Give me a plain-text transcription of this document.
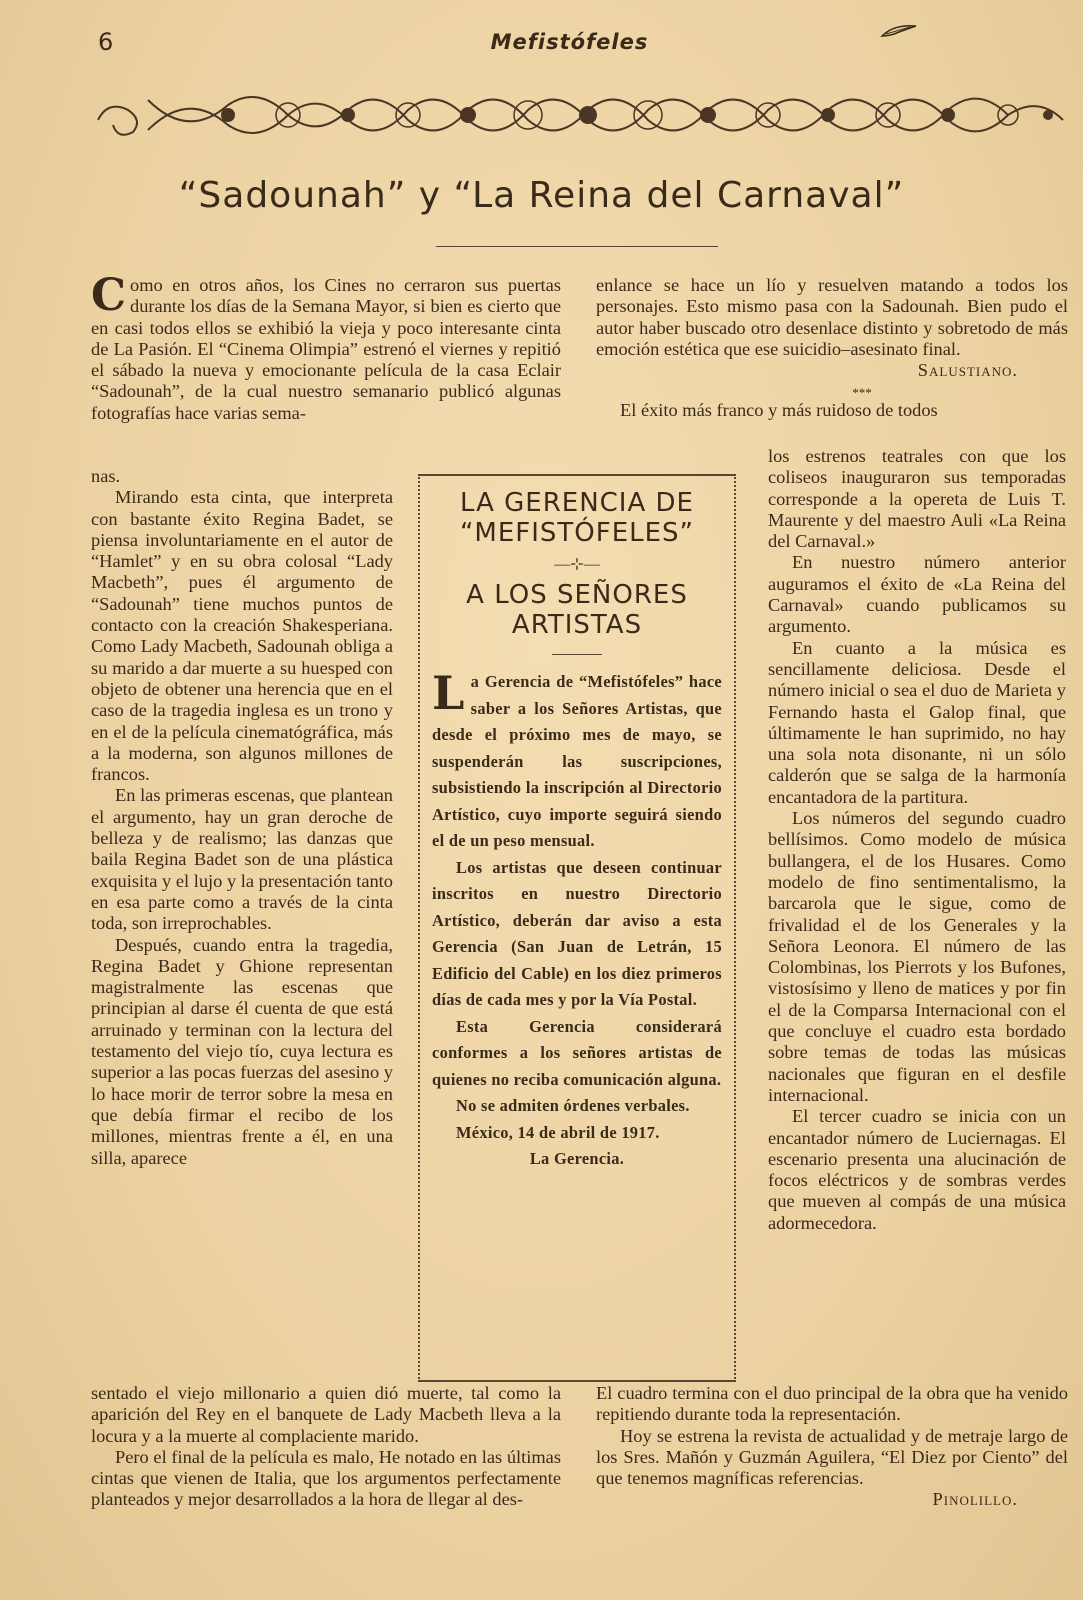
6	Mefistófeles
“Sadounah” y “La Reina del Carnaval”

Como en otros años, los Cines no cerraron sus puertas durante los días de la Semana Mayor, si bien es cierto que en casi todos ellos se exhibió la vieja y poco interesante cinta de La Pasión. El “Cinema Olimpia” estrenó el viernes y repitió el sábado la nueva y emocionante película de la casa Eclair “Sadounah”, de la cual nuestro semanario publicó algunas fotografías hace varias sema-

nas.

Mirando esta cinta, que interpreta con bastante éxito Regina Badet, se piensa involuntariamente en el autor de “Hamlet” y en su obra colosal “Lady Macbeth”, pues él argumento de “Sadounah” tiene muchos puntos de contacto con la creación Shakesperiana. Como Lady Macbeth, Sadounah obliga a su marido a dar muerte a su huesped con objeto de obtener una herencia que en el caso de la tragedia inglesa es un trono y en el de la película cinematógráfica, más a la moderna, son algunos millones de francos.

En las primeras escenas, que plantean el argumento, hay un gran deroche de belleza y de realismo; las danzas que baila Regina Badet son de una plástica exquisita y el lujo y la presentación tanto en esa parte como a través de la cinta toda, son irreprochables.

Después, cuando entra la tragedia, Regina Badet y Ghione representan magistralmente las escenas que principian al darse él cuenta de que está arruinado y terminan con la lectura del testamento del viejo tío, cuya lectura es superior a las pocas fuerzas del asesino y lo hace morir de terror sobre la mesa en que debía firmar el recibo de los millones, mientras frente a él, en una silla, aparece

LA GERENCIA DE
“MEFISTÓFELES”
—⊹—
A LOS SEÑORES
ARTISTAS

La Gerencia de “Mefistófeles” hace saber a los Señores Artistas, que desde el próximo mes de mayo, se suspenderán las suscripciones, subsistiendo la inscripción al Directorio Artístico, cuyo importe seguirá siendo el de un peso mensual.

Los artistas que deseen continuar inscritos en nuestro Directorio Artístico, deberán dar aviso a esta Gerencia (San Juan de Letrán, 15 Edificio del Cable) en los diez primeros días de cada mes y por la Vía Postal.

Esta Gerencia considerará conformes a los señores artistas de quienes no reciba comunicación alguna.

No se admiten órdenes verbales.

México, 14 de abril de 1917.

La Gerencia.

enlance se hace un lío y resuelven matando a todos los personajes. Esto mismo pasa con la Sadounah. Bien pudo el autor haber buscado otro desenlace distinto y sobretodo de más emoción estética que ese suicidio–asesinato final.

Salustiano.

***

El éxito más franco y más ruidoso de todos

los estrenos teatrales con que los coliseos inauguraron sus temporadas corresponde a la opereta de Luis T. Maurente y del maestro Auli «La Reina del Carnaval.»

En nuestro número anterior auguramos el éxito de «La Reina del Carnaval» cuando publicamos su argumento.

En cuanto a la música es sencillamente deliciosa. Desde el número inicial o sea el duo de Marieta y Fernando hasta el Galop final, que últimamente le han suprimido, no hay una sola nota disonante, ni un sólo calderón que se salga de la harmonía encantadora de la partitura.

Los números del segundo cuadro bellísimos. Como modelo de música bullangera, el de los Husares. Como modelo de fino sentimentalismo, la barcarola que le sigue, como de frivalidad el de los Generales y la Señora Leonora. El número de las Colombinas, los Pierrots y los Bufones, vistosísimo y lleno de matices y por fin el de la Comparsa Internacional con el que concluye el cuadro esta bordado sobre temas de todas las músicas nacionales que figuran en el desfile internacional.

El tercer cuadro se inicia con un encantador número de Luciernagas. El escenario presenta una alucinación de focos eléctricos y de sombras verdes que mueven al compás de una música adormecedora.

sentado el viejo millonario a quien dió muerte, tal como la aparición del Rey en el banquete de Lady Macbeth lleva a la locura y a la muerte al complaciente marido.

Pero el final de la película es malo, He notado en las últimas cintas que vienen de Italia, que los argumentos perfectamente planteados y mejor desarrollados a la hora de llegar al des-

El cuadro termina con el duo principal de la obra que ha venido repitiendo durante toda la representación.

Hoy se estrena la revista de actualidad y de metraje largo de los Sres. Mañón y Guzmán Aguilera, “El Diez por Ciento” del que tenemos magníficas referencias.

Pinolillo.
